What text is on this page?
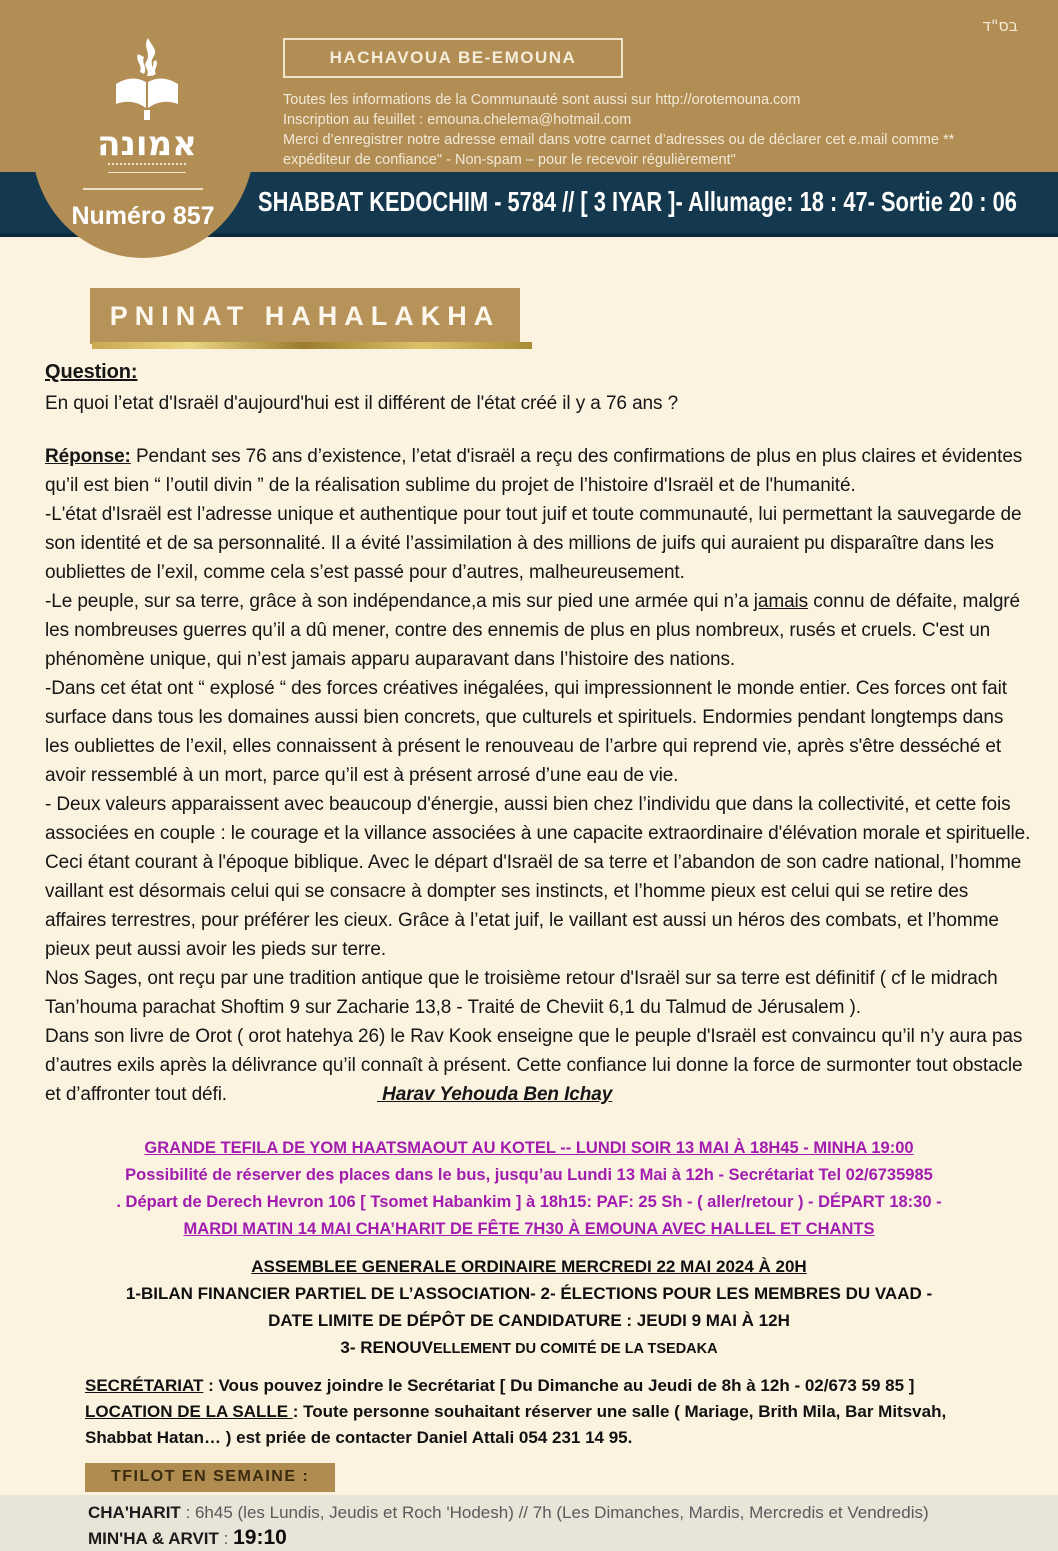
בס"ד
HACHAVOUA BE-EMOUNA
Toutes les informations de la Communauté sont aussi sur http://orotemouna.com
Inscription au feuillet : emouna.chelema@hotmail.com
Merci d’enregistrer notre adresse email dans votre carnet d’adresses ou de déclarer cet e.mail comme **
expéditeur de confiance" - Non-spam – pour le recevoir régulièrement"
SHABBAT KEDOCHIM - 5784 // [ 3 IYAR ]- Allumage: 18 : 47- Sortie 20 : 06
אמונה
Numéro 857
PNINAT HAHALAKHA
Question:
En quoi l’etat d'Israël d'aujourd'hui est il différent de l'état créé il y a 76 ans ?

Réponse: Pendant ses 76 ans d’existence, l’etat d'israël a reçu des confirmations de plus en plus claires et évidentes qu’il est bien “ l’outil divin ” de la réalisation sublime du projet de l’histoire d'Israël et de l'humanité.

-L'état d'Israël est l’adresse unique et authentique pour tout juif et toute communauté, lui permettant la sauvegarde de son identité et de sa personnalité. Il a évité l’assimilation à des millions de juifs qui auraient pu disparaître dans les oubliettes de l’exil, comme cela s’est passé pour d’autres, malheureusement.

-Le peuple, sur sa terre, grâce à son indépendance,a mis sur pied une armée qui n’a jamais connu de défaite, malgré les nombreuses guerres qu’il a dû mener, contre des ennemis de plus en plus nombreux, rusés et cruels. C'est un phénomène unique, qui n’est jamais apparu auparavant dans l’histoire des nations.

-Dans cet état ont “ explosé “ des forces créatives inégalées, qui impressionnent le monde entier. Ces forces ont fait surface dans tous les domaines aussi bien concrets, que culturels et spirituels. Endormies pendant longtemps dans les oubliettes de l’exil, elles connaissent à présent le renouveau de l’arbre qui reprend vie, après s'être desséché et avoir ressemblé à un mort, parce qu’il est à présent arrosé d’une eau de vie.

- Deux valeurs apparaissent avec beaucoup d'énergie, aussi bien chez l’individu que dans la collectivité, et cette fois associées en couple : le courage et la villance associées à une capacite extraordinaire d'élévation morale et spirituelle. Ceci étant courant à l'époque biblique. Avec le départ d'Israël de sa terre et l’abandon de son cadre national, l’homme vaillant est désormais celui qui se consacre à dompter ses instincts, et l’homme pieux est celui qui se retire des affaires terrestres, pour préférer les cieux. Grâce à l’etat juif, le vaillant est aussi un héros des combats, et l’homme pieux peut aussi avoir les pieds sur terre.

Nos Sages, ont reçu par une tradition antique que le troisième retour d'Israël sur sa terre est définitif ( cf le midrach Tan’houma parachat Shoftim 9 sur Zacharie 13,8 - Traité de Cheviit 6,1 du Talmud de Jérusalem ).

Dans son livre de Orot ( orot hatehya 26) le Rav Kook enseigne que le peuple d'Israël est convaincu qu’il n’y aura pas d’autres exils après la délivrance qu’il connaît à présent. Cette confiance lui donne la force de surmonter tout obstacle et d’affronter tout défi.	Harav Yehouda Ben Ichay

GRANDE TEFILA DE YOM HAATSMAOUT AU KOTEL -- LUNDI SOIR 13 MAI À 18H45 - MINHA 19:00
Possibilité de réserver des places dans le bus, jusqu’au Lundi 13 Mai à 12h - Secrétariat Tel 02/6735985
. Départ de Derech Hevron 106 [ Tsomet Habankim ] à 18h15: PAF: 25 Sh - ( aller/retour ) - DÉPART 18:30 -
MARDI MATIN 14 MAI CHA’HARIT DE FÊTE 7H30 À EMOUNA AVEC HALLEL ET CHANTS
ASSEMBLEE GENERALE ORDINAIRE MERCREDI 22 MAI 2024 À 20H
1-BILAN FINANCIER PARTIEL DE L’ASSOCIATION- 2- ÉLECTIONS POUR LES MEMBRES DU VAAD -
DATE LIMITE DE DÉPÔT DE CANDIDATURE : JEUDI 9 MAI À 12H
3- RENOUVELLEMENT DU COMITÉ DE LA TSEDAKA
SECRÉTARIAT : Vous pouvez joindre le Secrétariat [ Du Dimanche au Jeudi de 8h à 12h - 02/673 59 85 ]
LOCATION DE LA SALLE : Toute personne souhaitant réserver une salle ( Mariage, Brith Mila, Bar Mitsvah,
Shabbat Hatan… ) est priée de contacter Daniel Attali 054 231 14 95.
TFILOT EN SEMAINE :
CHA'HARIT : 6h45 (les Lundis, Jeudis et Roch 'Hodesh) // 7h (Les Dimanches, Mardis, Mercredis et Vendredis)
MIN'HA & ARVIT : 19:10
